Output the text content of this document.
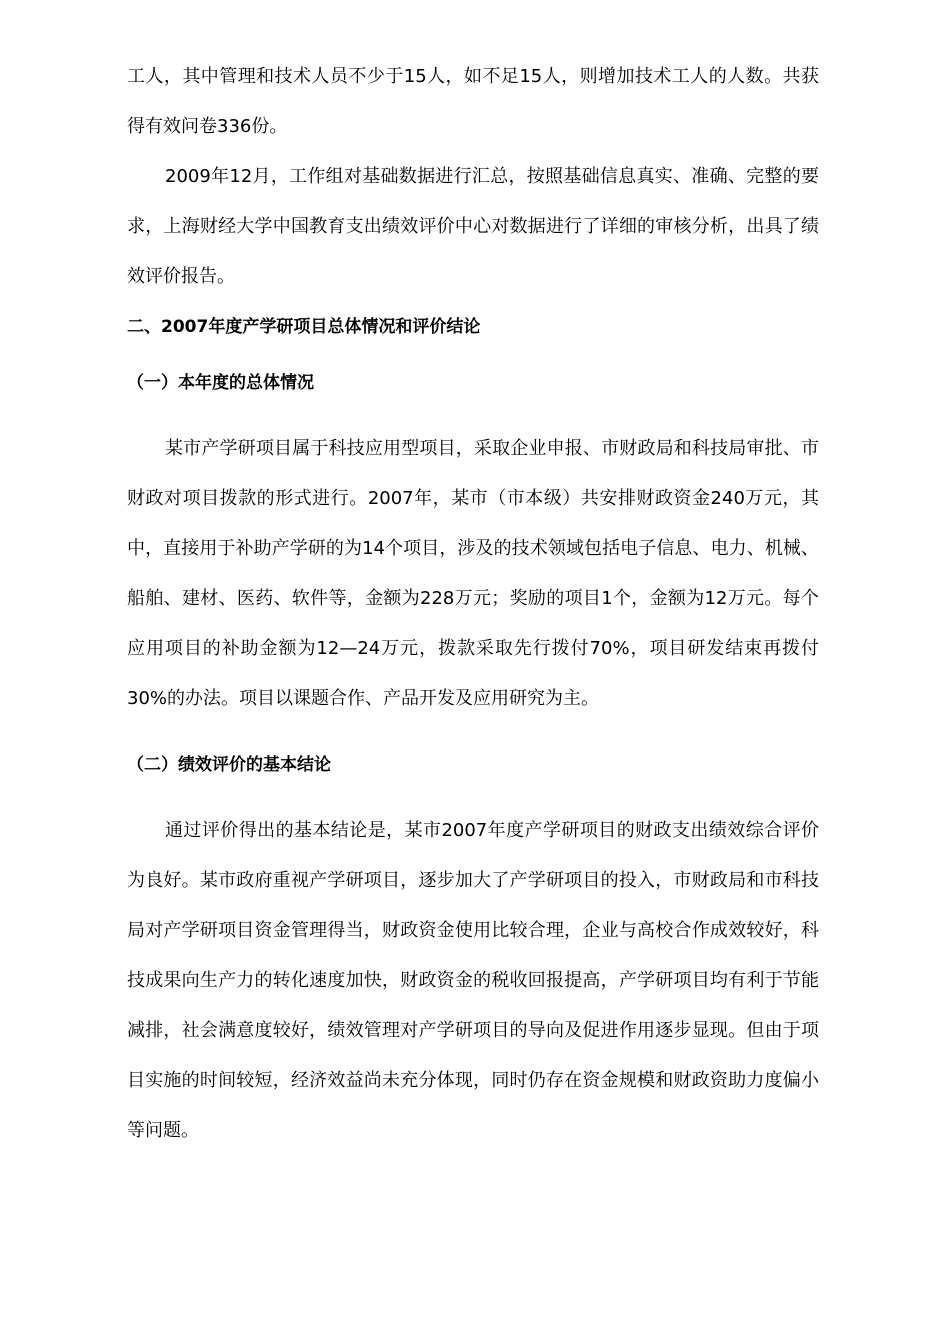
工人，其中管理和技术人员不少于15人，如不足15人，则增加技术工人的人数。共获得有效问卷336份。

2009年12月，工作组对基础数据进行汇总，按照基础信息真实、准确、完整的要求，上海财经大学中国教育支出绩效评价中心对数据进行了详细的审核分析，出具了绩效评价报告。

二、2007年度产学研项目总体情况和评价结论

（一）本年度的总体情况

某市产学研项目属于科技应用型项目，采取企业申报、市财政局和科技局审批、市财政对项目拨款的形式进行。2007年，某市（市本级）共安排财政资金240万元，其中，直接用于补助产学研的为14个项目，涉及的技术领域包括电子信息、电力、机械、船舶、建材、医药、软件等，金额为228万元；奖励的项目1个，金额为12万元。每个应用项目的补助金额为12—24万元，拨款采取先行拨付70%，项目研发结束再拨付30%的办法。项目以课题合作、产品开发及应用研究为主。

（二）绩效评价的基本结论

通过评价得出的基本结论是，某市2007年度产学研项目的财政支出绩效综合评价为良好。某市政府重视产学研项目，逐步加大了产学研项目的投入，市财政局和市科技局对产学研项目资金管理得当，财政资金使用比较合理，企业与高校合作成效较好，科技成果向生产力的转化速度加快，财政资金的税收回报提高，产学研项目均有利于节能减排，社会满意度较好，绩效管理对产学研项目的导向及促进作用逐步显现。但由于项目实施的时间较短，经济效益尚未充分体现，同时仍存在资金规模和财政资助力度偏小等问题。
